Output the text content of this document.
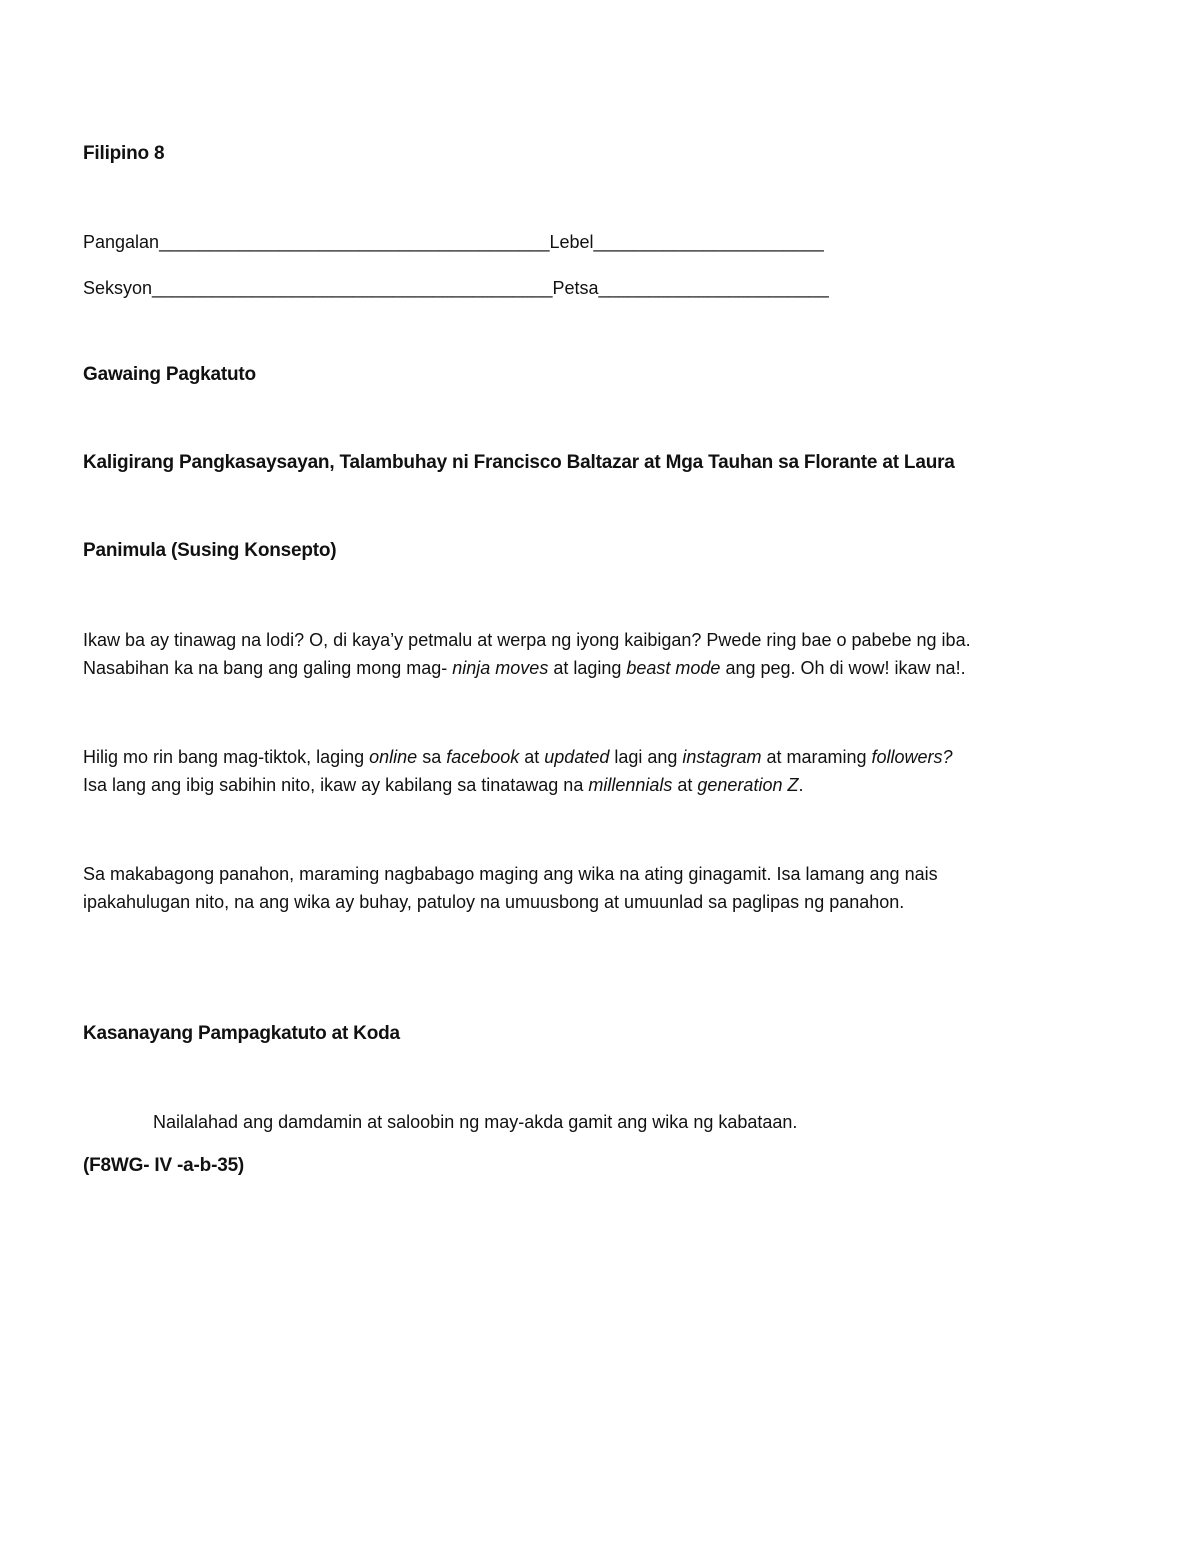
Filipino 8
Pangalan_______________________________________Lebel_______________________
Seksyon________________________________________Petsa_______________________
Gawaing Pagkatuto
Kaligirang Pangkasaysayan, Talambuhay ni Francisco Baltazar at Mga Tauhan sa Florante at Laura
Panimula (Susing Konsepto)
Ikaw ba ay tinawag na lodi? O, di kaya’y petmalu at werpa ng iyong kaibigan? Pwede ring bae o pabebe ng iba.
Nasabihan ka na bang ang galing mong mag- ninja moves at laging beast mode ang peg. Oh di wow! ikaw na!.
Hilig mo rin bang mag-tiktok, laging online sa facebook at updated lagi ang instagram at maraming followers?
Isa lang ang ibig sabihin nito, ikaw ay kabilang sa tinatawag na millennials at generation Z.
Sa makabagong panahon, maraming nagbabago maging ang wika na ating ginagamit. Isa lamang ang nais
ipakahulugan nito, na ang wika ay buhay, patuloy na umuusbong at umuunlad sa paglipas ng panahon.
Kasanayang Pampagkatuto at Koda
Nailalahad ang damdamin at saloobin ng may-akda gamit ang wika ng kabataan.
(F8WG- IV -a-b-35)
